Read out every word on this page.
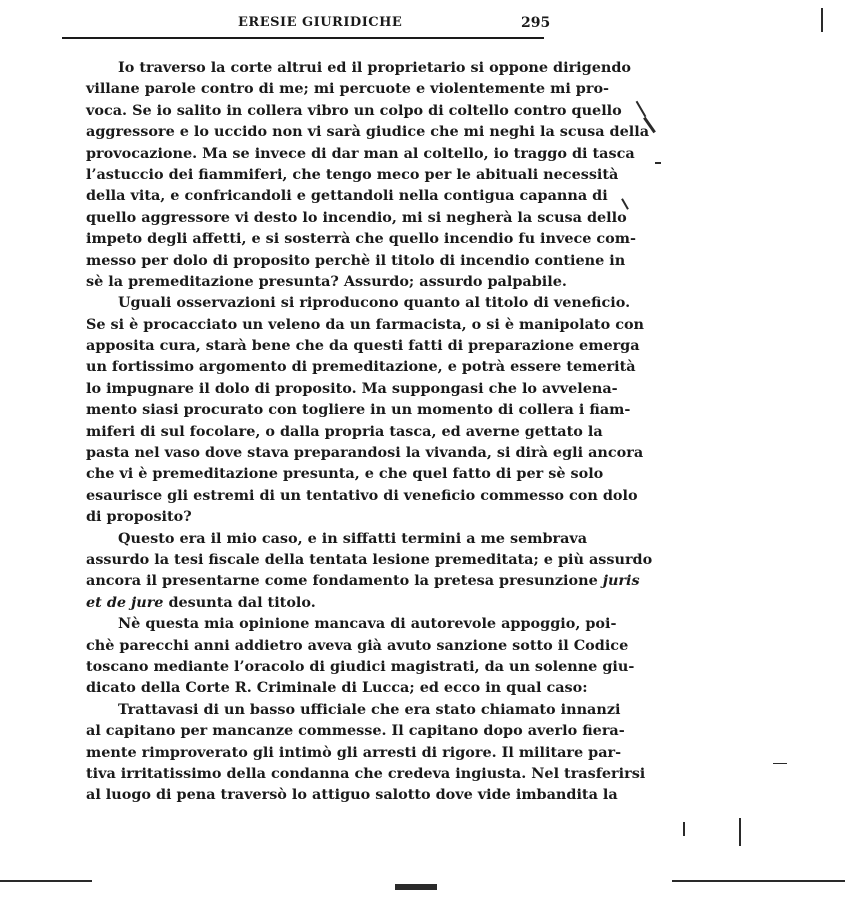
ERESIE GIURIDICHE	295
Io traverso la corte altrui ed il proprietario si oppone dirigendo
villane parole contro di me; mi percuote e violentemente mi pro-
voca. Se io salito in collera vibro un colpo di coltello contro quello
aggressore e lo uccido non vi sarà giudice che mi neghi la scusa della
provocazione. Ma se invece di dar man al coltello, io traggo di tasca
l’astuccio dei fiammiferi, che tengo meco per le abituali necessità
della vita, e confricandoli e gettandoli nella contigua capanna di
quello aggressore vi desto lo incendio, mi si negherà la scusa dello
impeto degli affetti, e si sosterrà che quello incendio fu invece com-
messo per dolo di proposito perchè il titolo di incendio contiene in
sè la premeditazione presunta? Assurdo; assurdo palpabile.
Uguali osservazioni si riproducono quanto al titolo di veneficio.
Se si è procacciato un veleno da un farmacista, o si è manipolato con
apposita cura, starà bene che da questi fatti di preparazione emerga
un fortissimo argomento di premeditazione, e potrà essere temerità
lo impugnare il dolo di proposito. Ma suppongasi che lo avvelena-
mento siasi procurato con togliere in un momento di collera i fiam-
miferi di sul focolare, o dalla propria tasca, ed averne gettato la
pasta nel vaso dove stava preparandosi la vivanda, si dirà egli ancora
che vi è premeditazione presunta, e che quel fatto di per sè solo
esaurisce gli estremi di un tentativo di veneficio commesso con dolo
di proposito?
Questo era il mio caso, e in siffatti termini a me sembrava
assurdo la tesi fiscale della tentata lesione premeditata; e più assurdo
ancora il presentarne come fondamento la pretesa presunzione juris
et de jure desunta dal titolo.
Nè questa mia opinione mancava di autorevole appoggio, poi-
chè parecchi anni addietro aveva già avuto sanzione sotto il Codice
toscano mediante l’oracolo di giudici magistrati, da un solenne giu-
dicato della Corte R. Criminale di Lucca; ed ecco in qual caso:
Trattavasi di un basso ufficiale che era stato chiamato innanzi
al capitano per mancanze commesse. Il capitano dopo averlo fiera-
mente rimproverato gli intimò gli arresti di rigore. Il militare par-
tiva irritatissimo della condanna che credeva ingiusta. Nel trasferirsi
al luogo di pena traversò lo attiguo salotto dove vide imbandita la
